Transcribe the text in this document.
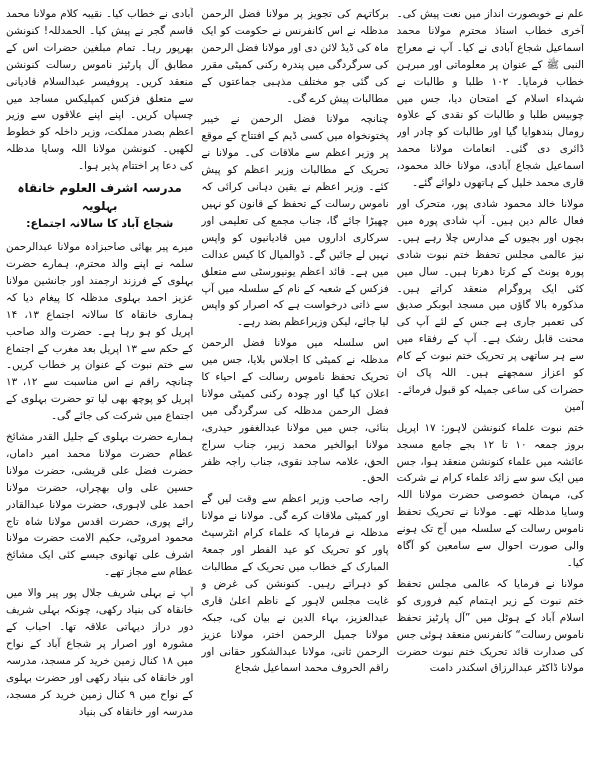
علم نے خوبصورت انداز میں نعت پیش کی۔ آخری خطاب استاذ محترم مولانا محمد اسماعیل شجاع آبادی نے کیا۔ آپ نے معراج النبی ﷺ کے عنوان پر معلوماتی اور مبرہن خطاب فرمایا۔ ۱۰۲ طلبا و طالبات نے شہداء اسلام کے امتحان دیا، جس میں چوبیس طلبا و طالبات کو نقدی کے علاوہ رومال بندھوایا گیا اور طالبات کو چادر اور ڈائری دی گئی۔ انعامات مولانا محمد اسماعیل شجاع آبادی، مولانا خالد محمود، قاری محمد خلیل کے ہاتھوں دلوائے گئے۔

مولانا خالد محمود شادی پور، متحرک اور فعال عالم دین ہیں۔ آپ شادی پورہ میں بچوں اور بچیوں کے مدارس چلا رہے ہیں۔ نیز عالمی مجلس تحفظ ختم نبوت شادی پورہ یونٹ کے کرتا دھرتا ہیں۔ سال میں کئی ایک پروگرام منعقد کراتے ہیں۔ مذکورہ بالا گاؤں میں مسجد ابوبکر صدیق کی تعمیر جاری ہے جس کے لئے آپ کی محنت قابل رشک ہے۔ آپ کے رفقاء میں سے ہر ساتھی پر تحریک ختم نبوت کے کام کو اعزاز سمجھتے ہیں۔ اللہ پاک ان حضرات کی ساعی جمیلہ کو قبول فرمائے۔ آمین

ختم نبوت علماء کنونشن لاہور: ۱۷ اپریل بروز جمعہ ۱۰ تا ۱۲ بجے جامع مسجد عائشہ میں علماء کنونشن منعقد ہوا، جس میں ایک سو سے زائد علماء کرام نے شرکت کی، مہمان خصوصی حضرت مولانا اللہ وسایا مدظلہ تھے۔ مولانا نے تحریک تحفظ ناموس رسالت کے سلسلہ میں آج تک ہونے والی صورت احوال سے سامعین کو آگاہ کیا۔

مولانا نے فرمایا کہ عالمی مجلس تحفظ ختم نبوت کے زیر اہتمام کیم فروری کو اسلام آباد کے ہوٹل میں ”آل پارٹیز تحفظ ناموس رسالت“ کانفرنس منعقد ہوئی جس کی صدارت قائد تحریک ختم نبوت حضرت مولانا ڈاکٹر عبدالرزاق اسکندر دامت

برکاتہم کی تجویز پر مولانا فضل الرحمن مدظلہ نے اس کانفرنس نے حکومت کو ایک ماہ کی ڈیڈ لائن دی اور مولانا فضل الرحمن کی سرگردگی میں پندرہ رکنی کمیٹی مقرر کی گئی جو مختلف مذہبی جماعتوں کے مطالبات پیش کرے گی۔

چنانچہ مولانا فضل الرحمن نے خیبر پختونخواہ میں کسی ڈیم کے افتتاح کے موقع پر وزیر اعظم سے ملاقات کی۔ مولانا نے تحریک کے مطالبات وزیر اعظم کو پیش کئے۔ وزیر اعظم نے یقین دہانی کرائی کہ ناموس رسالت کے تحفظ کے قانون کو نہیں چھیڑا جائے گا، جناب مجمع کی تعلیمی اور سرکاری اداروں میں قادیانیوں کو واپس نہیں لے جائیں گے۔ ڈوالمیال کا کیس عدالت میں ہے۔ قائد اعظم یونیورسٹی سے متعلق فزکس کے شعبہ کے نام کے سلسلہ میں آپ سے ذاتی درخواست ہے کہ اصرار کو واپس لیا جائے، لیکن وزیراعظم بضد رہے۔

اس سلسلہ میں مولانا فضل الرحمن مدظلہ نے کمیٹی کا اجلاس بلایا، جس میں تحریک تحفظ ناموس رسالت کے احیاء کا اعلان کیا گیا اور چودہ رکنی کمیٹی مولانا فضل الرحمن مدظلہ کی سرگردگی میں بنائی، جس میں مولانا عبدالغفور حیدری، مولانا ابوالخیر محمد زبیر، جناب سراج الحق، علامہ ساجد نقوی، جناب راجہ ظفر الحق۔

راجہ صاحب وزیر اعظم سے وقت لیں گے اور کمیٹی ملاقات کرے گی۔ مولانا نے مولانا مدظلہ نے فرمایا کہ علماء کرام انٹرسیٹ پاور کو تحریک کو عید الفطر اور جمعۃ المبارک کے خطاب میں تحریک کے مطالبات کو دہراتے رہیں۔ کنونشن کی غرض و غایت مجلس لاہور کے ناظم اعلیٰ قاری عبدالعزیز، بہاء الدین نے بیان کی، جبکہ مولانا جمیل الرحمن اختر، مولانا عزیز الرحمن ثانی، مولانا عبدالشکور حقانی اور راقم الحروف محمد اسماعیل شجاع

آبادی نے خطاب کیا۔ نقیبہ کلام مولانا محمد قاسم گجر نے پیش کیا۔ الحمدللہ! کنونشن بھرپور رہا۔ تمام مبلغین حضرات اس کے مطابق آل پارٹیز ناموس رسالت کنونشن منعقد کریں۔ پروفیسر عبدالسلام قادیانی سے متعلق فزکس کمپلیکس مساجد میں چسپاں کریں۔ اپنے اپنے علاقوں سے وزیر اعظم بصدر مملکت، وزیر داخلہ کو خطوط لکھیں۔ کنونشن مولانا اللہ وسایا مدظلہ کی دعا پر اختتام پذیر ہوا۔

مدرسہ اشرف العلوم خانقاہ بہلویہ
شجاع آباد کا سالانہ اجتماع:

میرے پیر بھائی صاحبزادہ مولانا عبدالرحمن سلمہ نے اپنے والد محترم، ہمارے حضرت بہلوی کے فرزند ارجمند اور جانشین مولانا عزیز احمد بہلوی مدظلہ کا پیغام دیا کہ ہماری خانقاہ کا سالانہ اجتماع ۱۳، ۱۴ اپریل کو ہو رہا ہے۔ حضرت والد صاحب کے حکم سے ۱۳ اپریل بعد مغرب کے اجتماع سے ختم نبوت کے عنوان پر خطاب کریں۔ چنانچہ راقم نے اس مناسبت سے ۱۲، ۱۳ اپریل کو پوچھ بھی لیا تو حضرت بہلوی کے اجتماع میں شرکت کی جائے گی۔

ہمارے حضرت بہلوی کے جلیل القدر مشائخ عظام حضرت مولانا محمد امیر داماں، حضرت فضل علی قریشی، حضرت مولانا حسین علی واں بھچراں، حضرت مولانا احمد علی لاہوری، حضرت مولانا عبدالقادر رائے پوری، حضرت اقدس مولانا شاہ تاج محمود امروٹی، حکیم الامت حضرت مولانا اشرف علی تھانوی جیسے کئی ایک مشائخ عظام سے مجاز تھے۔

آپ نے بہلی شریف جلال پور پیر والا میں خانقاہ کی بنیاد رکھی، چونکہ بہلی شریف دور دراز دیہاتی علاقہ تھا۔ احباب کے مشورہ اور اصرار پر شجاع آباد کے نواح میں ۱۸ کنال زمین خرید کر مسجد، مدرسہ اور خانقاہ کی بنیاد رکھی اور حضرت بہلوی کے نواح میں ۹ کنال زمین خرید کر مسجد، مدرسہ اور خانقاہ کی بنیاد
